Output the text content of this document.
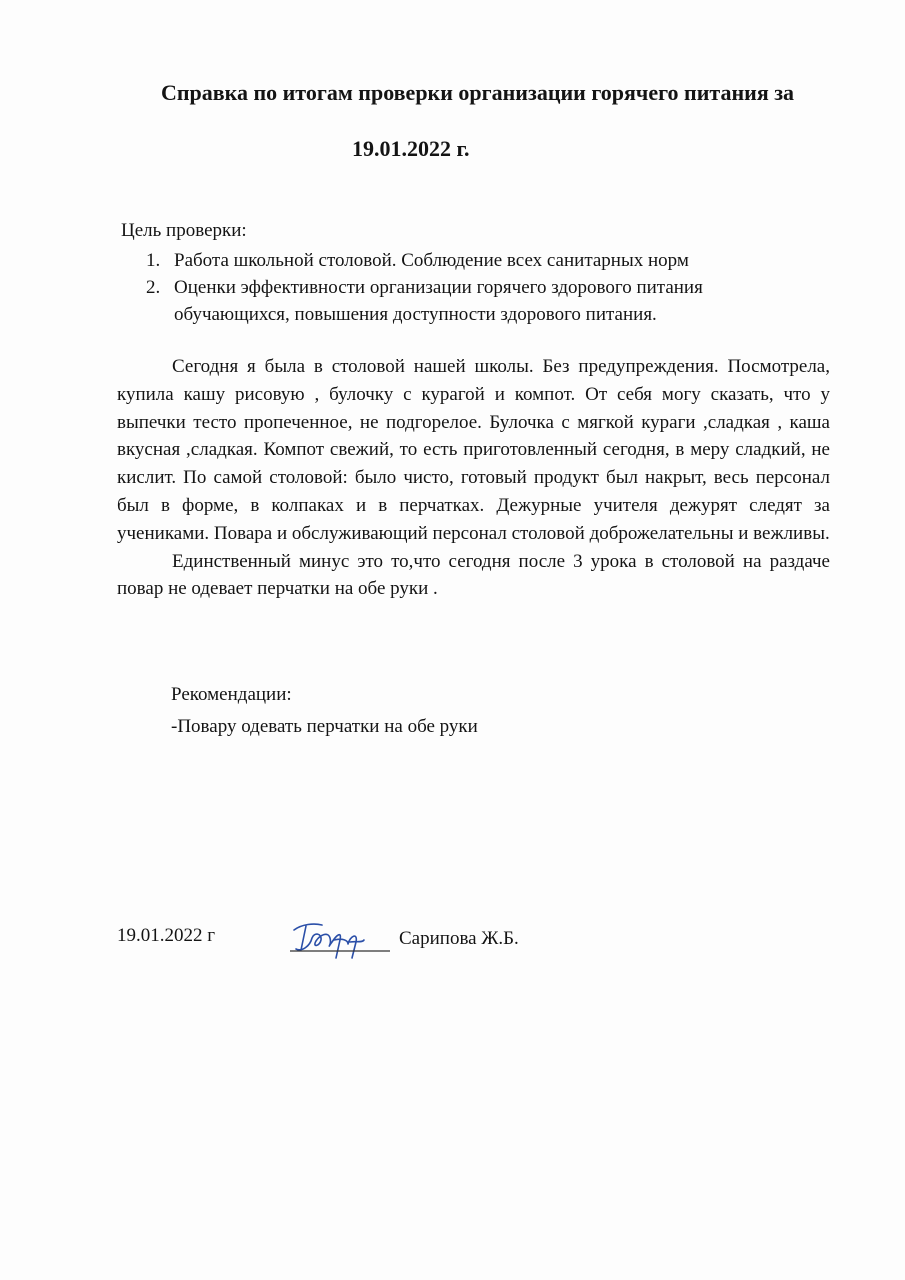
Справка по итогам проверки организации горячего питания за
19.01.2022 г.
Цель проверки:
1. Работа школьной столовой. Соблюдение всех санитарных норм
2. Оценки эффективности организации горячего здорового питания обучающихся, повышения доступности здорового питания.

Сегодня я была в столовой нашей школы. Без предупреждения. Посмотрела, купила кашу рисовую , булочку с курагой и компот. От себя могу сказать, что у выпечки тесто пропеченное, не подгорелое. Булочка с мягкой кураги ,сладкая , каша вкусная ,сладкая. Компот свежий, то есть приготовленный сегодня, в меру сладкий, не кислит. По самой столовой: было чисто, готовый продукт был накрыт, весь персонал был в форме, в колпаках и в перчатках. Дежурные учителя дежурят следят за учениками. Повара и обслуживающий персонал столовой доброжелательны и вежливы.

Единственный минус это то,что сегодня после 3 урока в столовой на раздаче повар не одевает перчатки на обе руки .

Рекомендации:
-Повару одевать перчатки на обе руки
19.01.2022 г	Сарипова Ж.Б.
